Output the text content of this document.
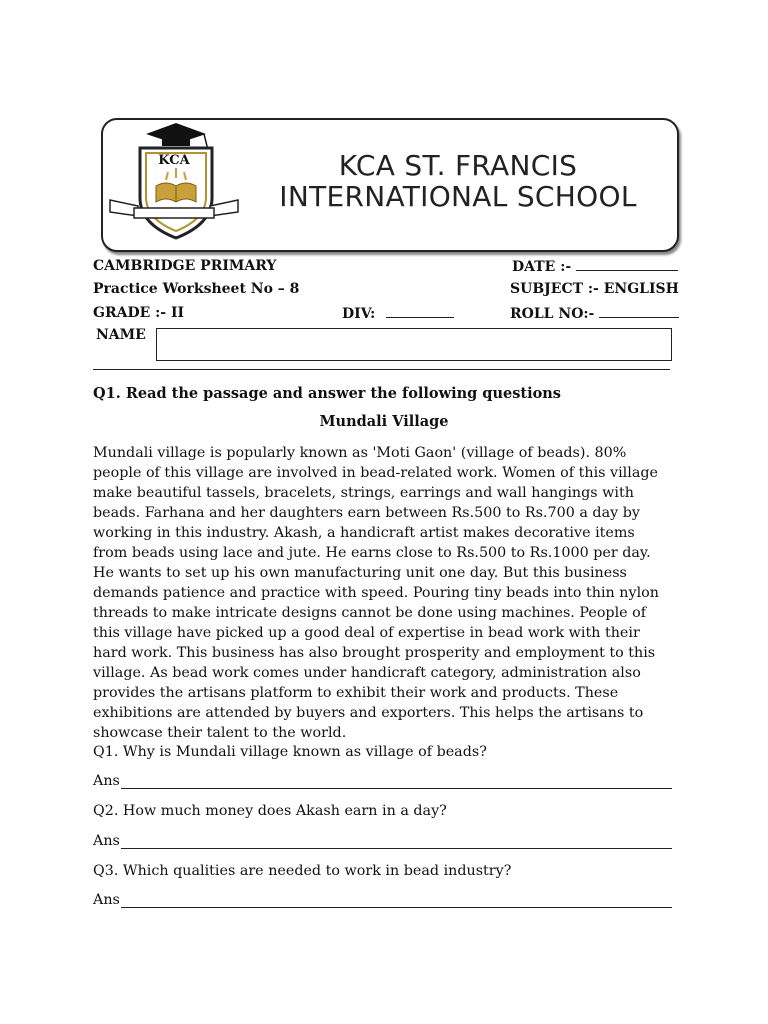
KCA	KCA ST. FRANCIS
INTERNATIONAL SCHOOL
CAMBRIDGE PRIMARY	DATE :-
Practice Worksheet No – 8	SUBJECT :- ENGLISH
GRADE :- II	DIV:	ROLL NO:-
NAME
Q1. Read the passage and answer the following questions
Mundali Village
Mundali village is popularly known as 'Moti Gaon' (village of beads). 80% people of this village are involved in bead-related work. Women of this village make beautiful tassels, bracelets, strings, earrings and wall hangings with beads. Farhana and her daughters earn between Rs.500 to Rs.700 a day by working in this industry. Akash, a handicraft artist makes decorative items from beads using lace and jute. He earns close to Rs.500 to Rs.1000 per day. He wants to set up his own manufacturing unit one day. But this business demands patience and practice with speed. Pouring tiny beads into thin nylon threads to make intricate designs cannot be done using machines. People of this village have picked up a good deal of expertise in bead work with their hard work. This business has also brought prosperity and employment to this village. As bead work comes under handicraft category, administration also provides the artisans platform to exhibit their work and products. These exhibitions are attended by buyers and exporters. This helps the artisans to showcase their talent to the world.
Q1. Why is Mundali village known as village of beads?
Ans
Q2. How much money does Akash earn in a day?
Ans
Q3. Which qualities are needed to work in bead industry?
Ans
